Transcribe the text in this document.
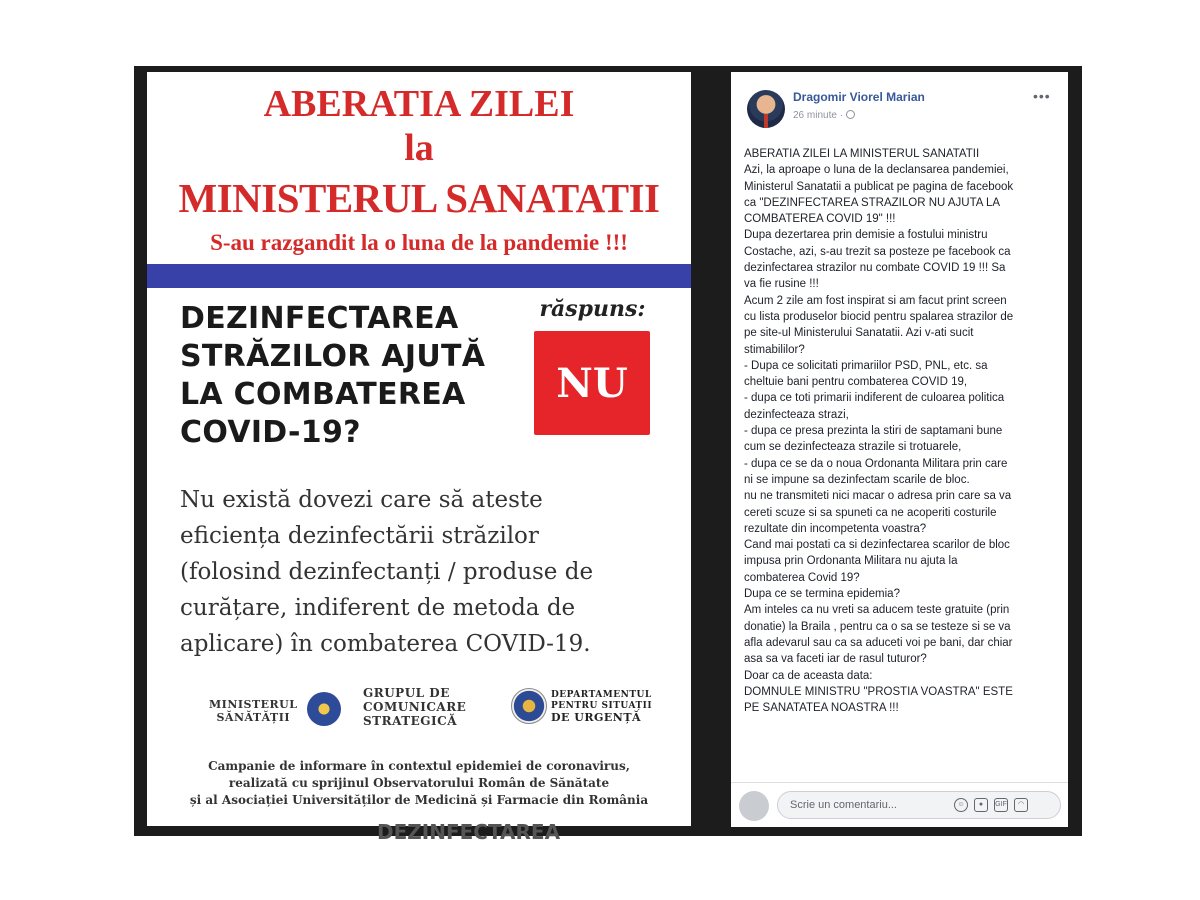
ABERATIA ZILEI
la
MINISTERUL SANATATII
S-au razgandit la o luna de la pandemie !!!
DEZINFECTAREA
STRĂZILOR AJUTĂ
LA COMBATEREA
COVID-19?
răspuns:
NU
Nu există dovezi care să ateste
eficiența dezinfectării străzilor
(folosind dezinfectanți / produse de
curățare, indiferent de metoda de
aplicare) în combaterea COVID-19.
MINISTERUL
SĂNĂTĂȚII
GRUPUL DE
COMUNICARE
STRATEGICĂ
DEPARTAMENTUL
PENTRU SITUAȚII
DE URGENȚĂ
Campanie de informare în contextul epidemiei de coronavirus,
realizată cu sprijinul Observatorului Român de Sănătate
și al Asociației Universităților de Medicină și Farmacie din România
DEZINFECTAREA
Dragomir Viorel Marian
26 minute ·
•••

ABERATIA ZILEI LA MINISTERUL SANATATII

Azi, la aproape o luna de la declansarea pandemiei,

Ministerul Sanatatii a publicat pe pagina de facebook

ca "DEZINFECTAREA STRAZILOR NU AJUTA LA

COMBATEREA COVID 19" !!!

Dupa dezertarea prin demisie a fostului ministru

Costache, azi, s-au trezit sa posteze pe facebook ca

dezinfectarea strazilor nu combate COVID 19 !!! Sa

va fie rusine !!!

Acum 2 zile am fost inspirat si am facut print screen

cu lista produselor biocid pentru spalarea strazilor de

pe site-ul Ministerului Sanatatii. Azi v-ati sucit

stimabililor?

- Dupa ce solicitati primariilor PSD, PNL, etc. sa

cheltuie bani pentru combaterea COVID 19,

- dupa ce toti primarii indiferent de culoarea politica

dezinfecteaza strazi,

- dupa ce presa prezinta la stiri de saptamani bune

cum se dezinfecteaza strazile si trotuarele,

- dupa ce se da o noua Ordonanta Militara prin care

ni se impune sa dezinfectam scarile de bloc.

nu ne transmiteti nici macar o adresa prin care sa va

cereti scuze si sa spuneti ca ne acoperiti costurile

rezultate din incompetenta voastra?

Cand mai postati ca si dezinfectarea scarilor de bloc

impusa prin Ordonanta Militara nu ajuta la

combaterea Covid 19?

Dupa ce se termina epidemia?

Am inteles ca nu vreti sa aducem teste gratuite (prin

donatie) la Braila , pentru ca o sa se testeze si se va

afla adevarul sau ca sa aduceti voi pe bani, dar chiar

asa sa va faceti iar de rasul tuturor?

Doar ca de aceasta data:

DOMNULE MINISTRU "PROSTIA VOASTRA" ESTE

PE SANATATEA NOASTRA !!!

Scrie un comentariu...	☺	●	GIF	◠
